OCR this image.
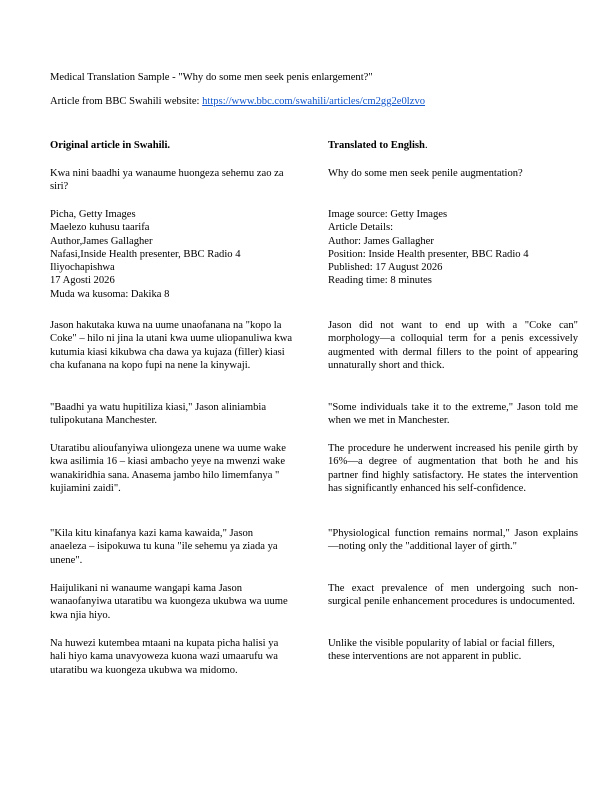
Medical Translation Sample - "Why do some men seek penis enlargement?"
Article from BBC Swahili website: https://www.bbc.com/swahili/articles/cm2gg2e0lzvo
Original article in Swahili.
Kwa nini baadhi ya wanaume huongeza sehemu zao za siri?
Picha, Getty Images
Maelezo kuhusu taarifa
Author,James Gallagher
Nafasi,Inside Health presenter, BBC Radio 4
Iliyochapishwa
17 Agosti 2026
Muda wa kusoma: Dakika 8
Jason hakutaka kuwa na uume unaofanana na "kopo la Coke" – hilo ni jina la utani kwa uume uliopanuliwa kwa kutumia kiasi kikubwa cha dawa ya kujaza (filler) kiasi cha kufanana na kopo fupi na nene la kinywaji.
"Baadhi ya watu hupitiliza kiasi," Jason aliniambia tulipokutana Manchester.
Utaratibu alioufanyiwa uliongeza unene wa uume wake kwa asilimia 16 – kiasi ambacho yeye na mwenzi wake wanakiridhia sana. Anasema jambo hilo limemfanya " kujiamini zaidi".
"Kila kitu kinafanya kazi kama kawaida," Jason anaeleza – isipokuwa tu kuna "ile sehemu ya ziada ya unene".
Haijulikani ni wanaume wangapi kama Jason wanaofanyiwa utaratibu wa kuongeza ukubwa wa uume kwa njia hiyo.
Na huwezi kutembea mtaani na kupata picha halisi ya hali hiyo kama unavyoweza kuona wazi umaarufu wa utaratibu wa kuongeza ukubwa wa midomo.
Translated to English.
Why do some men seek penile augmentation?
Image source: Getty Images
Article Details:
Author: James Gallagher
Position: Inside Health presenter, BBC Radio 4
Published: 17 August 2026
Reading time: 8 minutes
Jason did not want to end up with a "Coke can" morphology—a colloquial term for a penis excessively augmented with dermal fillers to the point of appearing unnaturally short and thick.
"Some individuals take it to the extreme," Jason told me when we met in Manchester.
The procedure he underwent increased his penile girth by 16%—a degree of augmentation that both he and his partner find highly satisfactory. He states the intervention has significantly enhanced his self-confidence.
"Physiological function remains normal," Jason explains—noting only the "additional layer of girth."
The exact prevalence of men undergoing such non-surgical penile enhancement procedures is undocumented.
Unlike the visible popularity of labial or facial fillers, these interventions are not apparent in public.
